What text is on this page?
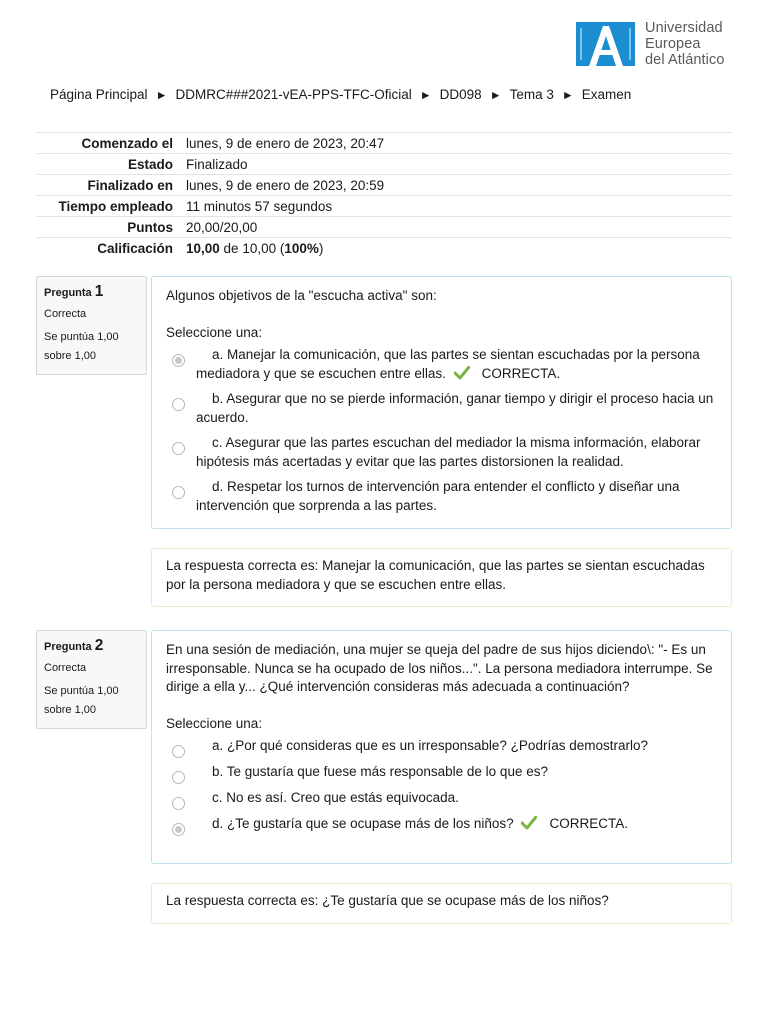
Universidad
Europea
del Atlántico
Página Principal ► DDMRC###2021-vEA-PPS-TFC-Oficial ► DD098 ► Tema 3 ► Examen
Comenzado el	lunes, 9 de enero de 2023, 20:47
Estado	Finalizado
Finalizado en	lunes, 9 de enero de 2023, 20:59
Tiempo empleado	11 minutos 57 segundos
Puntos	20,00/20,00
Calificación	10,00 de 10,00 (100%)
Pregunta 1
Correcta
Se puntúa 1,00
sobre 1,00
Algunos objetivos de la "escucha activa" son:
Seleccione una:
a. Manejar la comunicación, que las partes se sientan escuchadas por la persona mediadora y que se escuchen entre ellas.	CORRECTA.
b. Asegurar que no se pierde información, ganar tiempo y dirigir el proceso hacia un acuerdo.
c. Asegurar que las partes escuchan del mediador la misma información, elaborar hipótesis más acertadas y evitar que las partes distorsionen la realidad.
d. Respetar los turnos de intervención para entender el conflicto y diseñar una intervención que sorprenda a las partes.
La respuesta correcta es: Manejar la comunicación, que las partes se sientan escuchadas por la persona mediadora y que se escuchen entre ellas.
Pregunta 2
Correcta
Se puntúa 1,00
sobre 1,00
En una sesión de mediación, una mujer se queja del padre de sus hijos diciendo\: "- Es un irresponsable. Nunca se ha ocupado de los niños...". La persona mediadora interrumpe. Se dirige a ella y... ¿Qué intervención consideras más adecuada a continuación?
Seleccione una:
a. ¿Por qué consideras que es un irresponsable? ¿Podrías demostrarlo?
b. Te gustaría que fuese más responsable de lo que es?
c. No es así. Creo que estás equivocada.
d. ¿Te gustaría que se ocupase más de los niños?	CORRECTA.
La respuesta correcta es: ¿Te gustaría que se ocupase más de los niños?
